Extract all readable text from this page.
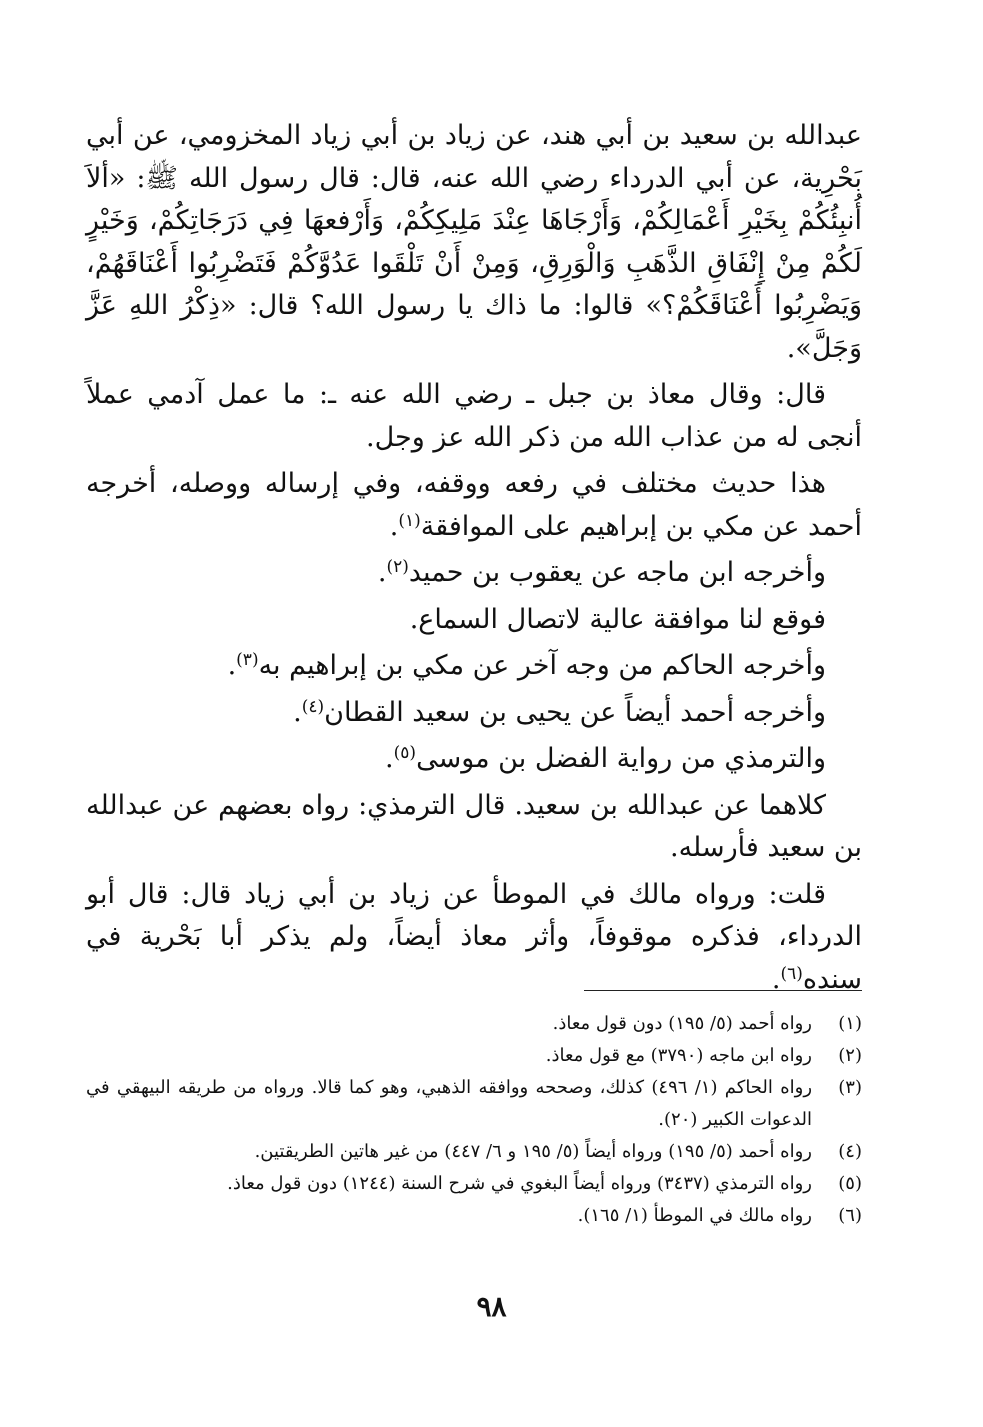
عبدالله بن سعيد بن أبي هند، عن زياد بن أبي زياد المخزومي، عن أبي بَحْرِية، عن أبي الدرداء رضي الله عنه، قال: قال رسول الله ﷺ: «ألاَ أُنبِئُكُمْ بِخَيْرِ أَعْمَالِكُمْ، وَأَرْجَاهَا عِنْدَ مَلِيكِكُمْ، وَأَرْفعهَا فِي دَرَجَاتِكُمْ، وَخَيْرٍ لَكُمْ مِنْ إِنْفَاقِ الذَّهَبِ وَالْوَرِقِ، وَمِنْ أَنْ تَلْقَوا عَدُوَّكُمْ فَتَضْرِبُوا أَعْنَاقَهُمْ، وَيَضْرِبُوا أَعْنَاقَكُمْ؟» قالوا: ما ذاك يا رسول الله؟ قال: «ذِكْرُ اللهِ عَزَّ وَجَلَّ».

قال: وقال معاذ بن جبل ـ رضي الله عنه ـ: ما عمل آدمي عملاً أنجى له من عذاب الله من ذكر الله عز وجل.

هذا حديث مختلف في رفعه ووقفه، وفي إرساله ووصله، أخرجه أحمد عن مكي بن إبراهيم على الموافقة$^{(١)}$.

وأخرجه ابن ماجه عن يعقوب بن حميد$^{(٢)}$.

فوقع لنا موافقة عالية لاتصال السماع.

وأخرجه الحاكم من وجه آخر عن مكي بن إبراهيم به$^{(٣)}$.

وأخرجه أحمد أيضاً عن يحيى بن سعيد القطان$^{(٤)}$.

والترمذي من رواية الفضل بن موسى$^{(٥)}$.

كلاهما عن عبدالله بن سعيد. قال الترمذي: رواه بعضهم عن عبدالله بن سعيد فأرسله.

قلت: ورواه مالك في الموطأ عن زياد بن أبي زياد قال: قال أبو الدرداء، فذكره موقوفاً، وأثر معاذ أيضاً، ولم يذكر أبا بَحْرية في سنده$^{(٦)}$.

(١)
رواه أحمد (٥/ ١٩٥) دون قول معاذ.

(٢)
رواه ابن ماجه (٣٧٩٠) مع قول معاذ.

(٣)
رواه الحاكم (١/ ٤٩٦) كذلك، وصححه ووافقه الذهبي، وهو كما قالا. ورواه من طريقه البيهقي في الدعوات الكبير (٢٠).

(٤)
رواه أحمد (٥/ ١٩٥) ورواه أيضاً (٥/ ١٩٥ و ٦/ ٤٤٧) من غير هاتين الطريقتين.

(٥)
رواه الترمذي (٣٤٣٧) ورواه أيضاً البغوي في شرح السنة (١٢٤٤) دون قول معاذ.

(٦)
رواه مالك في الموطأ (١/ ١٦٥).

٩٨
